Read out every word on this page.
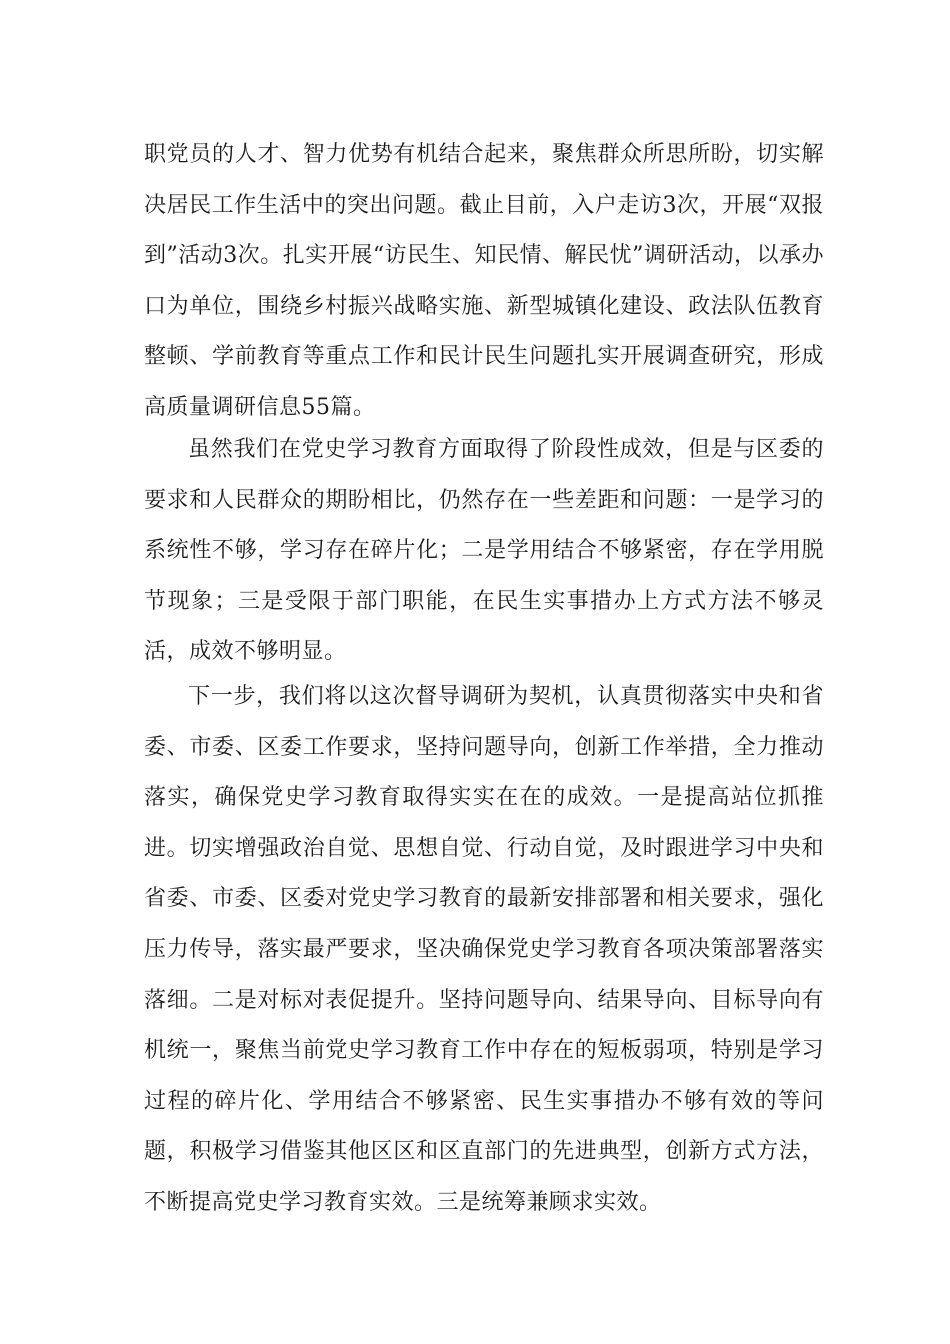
职党员的人才、智力优势有机结合起来，聚焦群众所思所盼，切实解决居民工作生活中的突出问题。截止目前，入户走访3次，开展“双报到”活动3次。扎实开展“访民生、知民情、解民忧”调研活动，以承办口为单位，围绕乡村振兴战略实施、新型城镇化建设、政法队伍教育整顿、学前教育等重点工作和民计民生问题扎实开展调查研究，形成高质量调研信息55篇。

虽然我们在党史学习教育方面取得了阶段性成效，但是与区委的要求和人民群众的期盼相比，仍然存在一些差距和问题：一是学习的系统性不够，学习存在碎片化；二是学用结合不够紧密，存在学用脱节现象；三是受限于部门职能，在民生实事措办上方式方法不够灵活，成效不够明显。

下一步，我们将以这次督导调研为契机，认真贯彻落实中央和省委、市委、区委工作要求，坚持问题导向，创新工作举措，全力推动落实，确保党史学习教育取得实实在在的成效。一是提高站位抓推进。切实增强政治自觉、思想自觉、行动自觉，及时跟进学习中央和省委、市委、区委对党史学习教育的最新安排部署和相关要求，强化压力传导，落实最严要求，坚决确保党史学习教育各项决策部署落实落细。二是对标对表促提升。坚持问题导向、结果导向、目标导向有机统一，聚焦当前党史学习教育工作中存在的短板弱项，特别是学习过程的碎片化、学用结合不够紧密、民生实事措办不够有效的等问题，积极学习借鉴其他区区和区直部门的先进典型，创新方式方法，不断提高党史学习教育实效。三是统筹兼顾求实效。
